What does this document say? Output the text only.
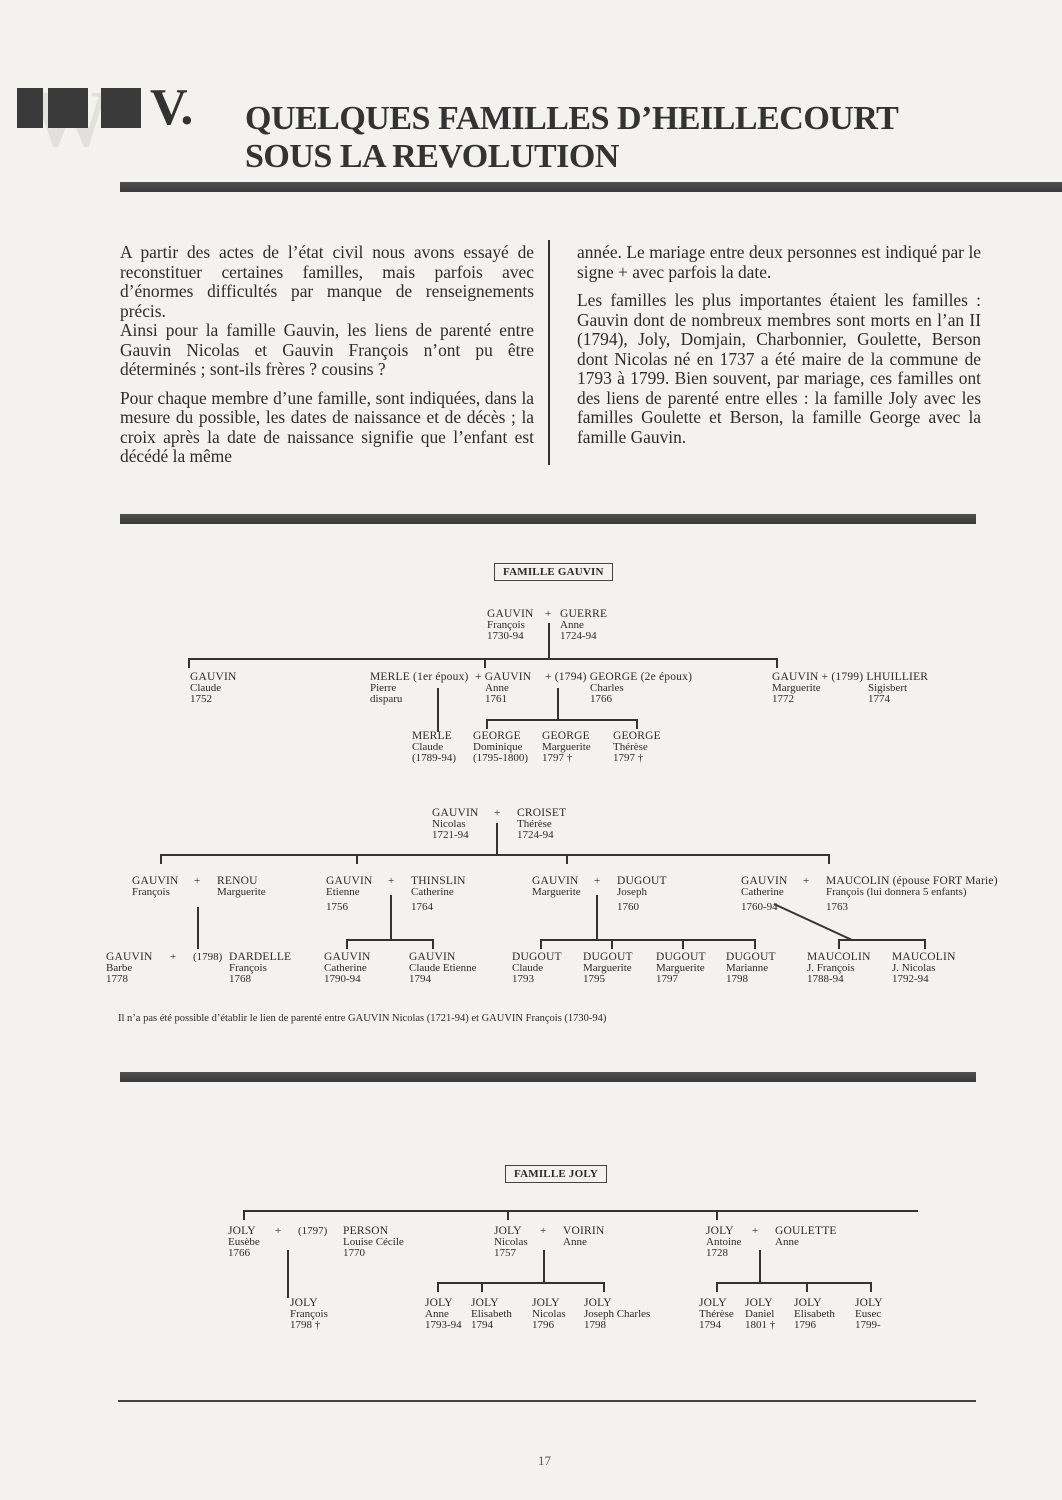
V. QUELQUES FAMILLES D’HEILLECOURT
SOUS LA REVOLUTION

A partir des actes de l’état civil nous avons essayé de reconstituer certaines familles, mais parfois avec d’énormes difficultés par manque de renseignements précis.

Ainsi pour la famille Gauvin, les liens de parenté entre Gauvin Nicolas et Gauvin François n’ont pu être déterminés ; sont-ils frères ? cousins ?

Pour chaque membre d’une famille, sont indiquées, dans la mesure du possible, les dates de naissance et de décès ; la croix après la date de naissance signifie que l’enfant est décédé la même

année. Le mariage entre deux personnes est indiqué par le signe + avec parfois la date.

Les familles les plus importantes étaient les familles : Gauvin dont de nombreux membres sont morts en l’an II (1794), Joly, Domjain, Charbonnier, Goulette, Berson dont Nicolas né en 1737 a été maire de la commune de 1793 à 1799. Bien souvent, par mariage, ces familles ont des liens de parenté entre elles : la famille Joly avec les familles Goulette et Berson, la famille George avec la famille Gauvin.

FAMILLE GAUVIN
GAUVIN
François
1730-94
+ GUERRE
Anne
1724-94
GAUVIN
Claude
1752
MERLE (1er époux)
Pierre
disparu
+ GAUVIN
Anne
1761
+ (1794) GEORGE (2e époux)
Charles
1766
GAUVIN + (1799) LHUILLIER
Marguerite
1772
Sigisbert
1774
MERLE
Claude
(1789-94)
GEORGE
Dominique
(1795-1800)
GEORGE
Marguerite
1797 †
GEORGE
Thérèse
1797 †
GAUVIN
Nicolas
1721-94
+ CROISET
Thérèse
1724-94
GAUVIN
François
+ RENOU
Marguerite
GAUVIN
Etienne
1756
+ THINSLIN
Catherine
1764
GAUVIN
Marguerite
+ DUGOUT
Joseph
1760
GAUVIN
Catherine
1760-94
+ MAUCOLIN (épouse FORT Marie)
François (lui donnera 5 enfants)
1763
GAUVIN
Barbe
1778
+ (1798) DARDELLE
François
1768
GAUVIN
Catherine
1790-94
GAUVIN
Claude Etienne
1794
DUGOUT
Claude
1793
DUGOUT
Marguerite
1795
DUGOUT
Marguerite
1797
DUGOUT
Marianne
1798
MAUCOLIN
J. François
1788-94
MAUCOLIN
J. Nicolas
1792-94
Il n’a pas été possible d’établir le lien de parenté entre GAUVIN Nicolas (1721-94) et GAUVIN François (1730-94)
FAMILLE JOLY
JOLY
Eusèbe
1766
+ (1797) PERSON
Louise Cécile
1770
JOLY
Nicolas
1757
+ VOIRIN
Anne
JOLY
Antoine
1728
+ GOULETTE
Anne
JOLY
François
1798 †
JOLY
Anne
1793-94
JOLY
Elisabeth
1794
JOLY
Nicolas
1796
JOLY
Joseph Charles
1798
JOLY
Thérèse
1794
JOLY
Daniel
1801 †
JOLY
Elisabeth
1796
JOLY
Eusec
1799-
17
